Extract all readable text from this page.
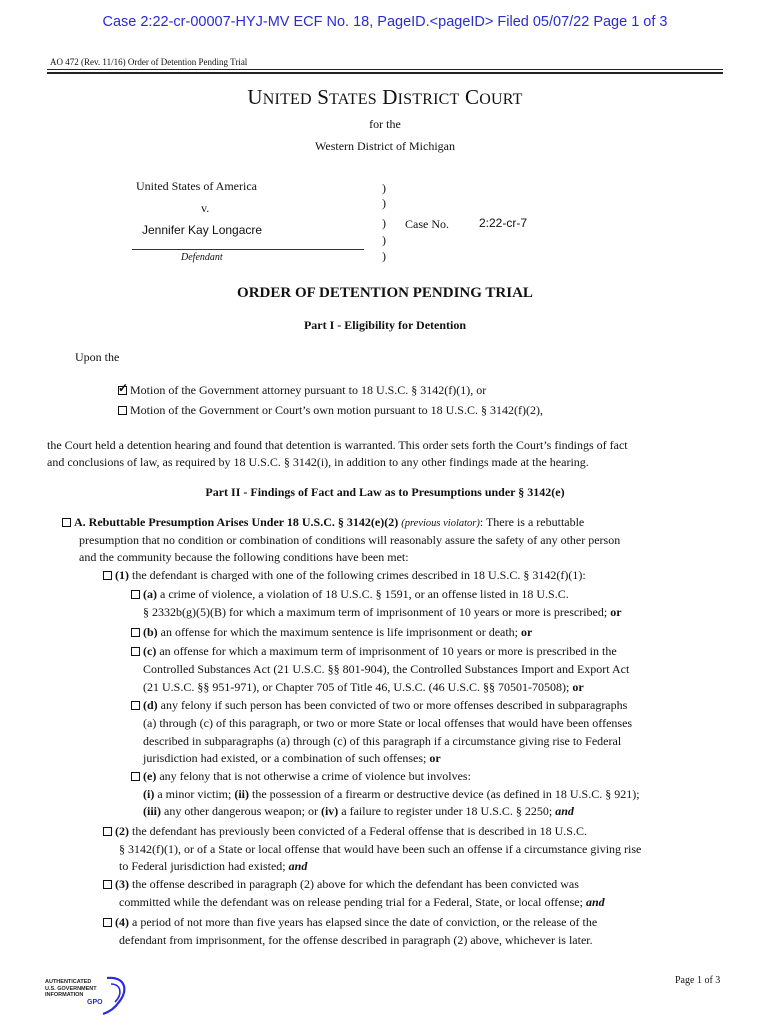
Case 2:22-cr-00007-HYJ-MV ECF No. 18, PageID.<pageID> Filed 05/07/22 Page 1 of 3
AO 472 (Rev. 11/16) Order of Detention Pending Trial
UNITED STATES DISTRICT COURT
for the
Western District of Michigan
United States of America
v.
Jennifer Kay Longacre
Defendant
)
)
)
)
)
Case No.	2:22-cr-7
ORDER OF DETENTION PENDING TRIAL
Part I - Eligibility for Detention
Upon the
✓Motion of the Government attorney pursuant to 18 U.S.C. § 3142(f)(1), or
Motion of the Government or Court’s own motion pursuant to 18 U.S.C. § 3142(f)(2),
the Court held a detention hearing and found that detention is warranted. This order sets forth the Court’s findings of fact
and conclusions of law, as required by 18 U.S.C. § 3142(i), in addition to any other findings made at the hearing.
Part II - Findings of Fact and Law as to Presumptions under § 3142(e)
A. Rebuttable Presumption Arises Under 18 U.S.C. § 3142(e)(2) (previous violator): There is a rebuttable
presumption that no condition or combination of conditions will reasonably assure the safety of any other person
and the community because the following conditions have been met:
(1) the defendant is charged with one of the following crimes described in 18 U.S.C. § 3142(f)(1):
(a) a crime of violence, a violation of 18 U.S.C. § 1591, or an offense listed in 18 U.S.C.
§ 2332b(g)(5)(B) for which a maximum term of imprisonment of 10 years or more is prescribed; or
(b) an offense for which the maximum sentence is life imprisonment or death; or
(c) an offense for which a maximum term of imprisonment of 10 years or more is prescribed in the
Controlled Substances Act (21 U.S.C. §§ 801-904), the Controlled Substances Import and Export Act
(21 U.S.C. §§ 951-971), or Chapter 705 of Title 46, U.S.C. (46 U.S.C. §§ 70501-70508); or
(d) any felony if such person has been convicted of two or more offenses described in subparagraphs
(a) through (c) of this paragraph, or two or more State or local offenses that would have been offenses
described in subparagraphs (a) through (c) of this paragraph if a circumstance giving rise to Federal
jurisdiction had existed, or a combination of such offenses; or
(e) any felony that is not otherwise a crime of violence but involves:
(i) a minor victim; (ii) the possession of a firearm or destructive device (as defined in 18 U.S.C. § 921);
(iii) any other dangerous weapon; or (iv) a failure to register under 18 U.S.C. § 2250; and
(2) the defendant has previously been convicted of a Federal offense that is described in 18 U.S.C.
§ 3142(f)(1), or of a State or local offense that would have been such an offense if a circumstance giving rise
to Federal jurisdiction had existed; and
(3) the offense described in paragraph (2) above for which the defendant has been convicted was
committed while the defendant was on release pending trial for a Federal, State, or local offense; and
(4) a period of not more than five years has elapsed since the date of conviction, or the release of the
defendant from imprisonment, for the offense described in paragraph (2) above, whichever is later.
AUTHENTICATED
U.S. GOVERNMENT
INFORMATION
GPO
Page 1 of 3
